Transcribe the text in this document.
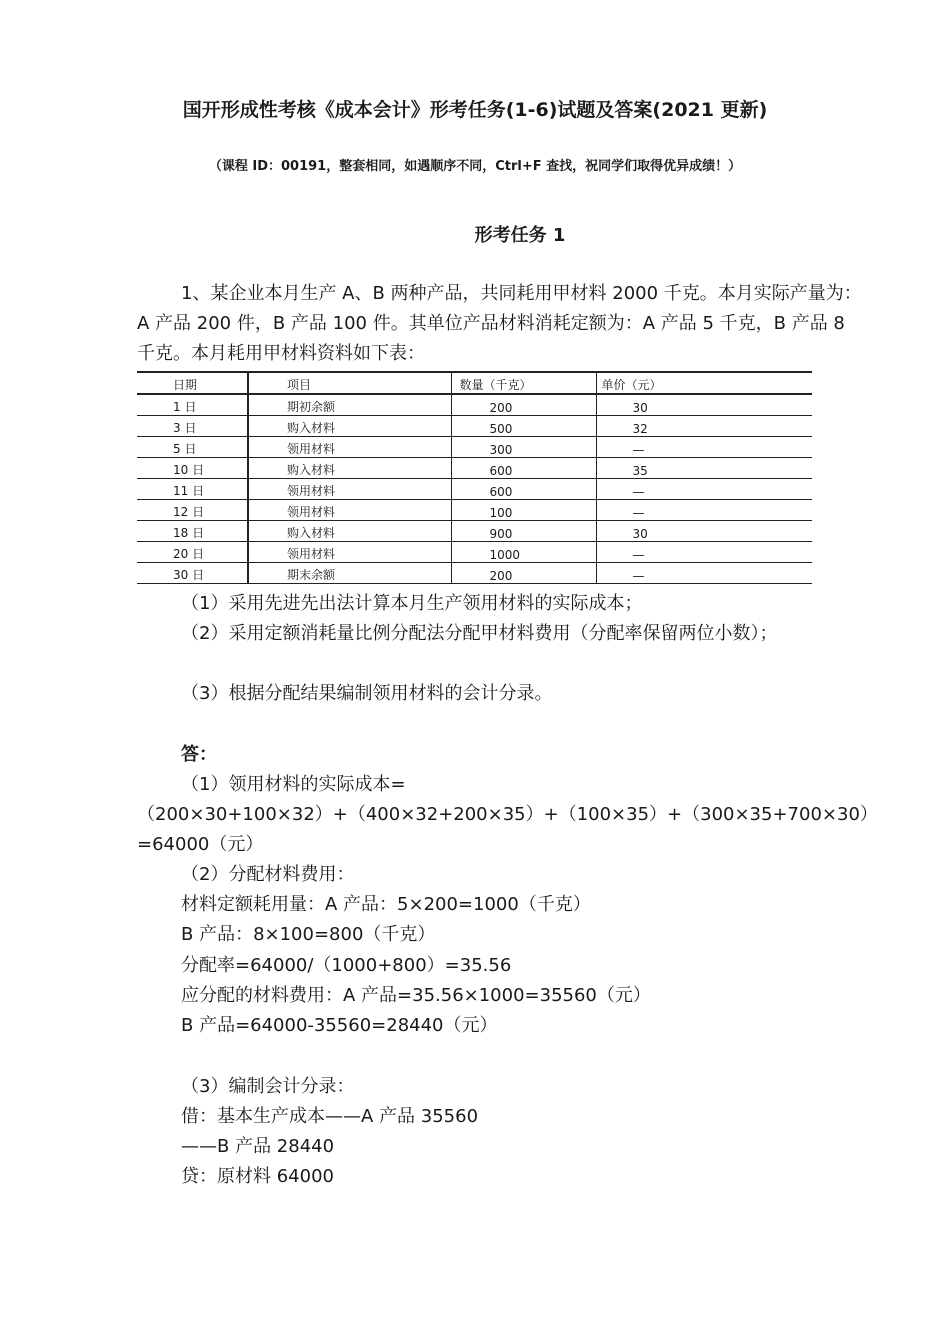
国开形成性考核《成本会计》形考任务(1-6)试题及答案(2021 更新)
（课程 ID：00191，整套相同，如遇顺序不同，Ctrl+F 查找，祝同学们取得优异成绩！）
形考任务 1
1、某企业本月生产 A、B 两种产品，共同耗用甲材料 2000 千克。本月实际产量为：A 产品 200 件，B 产品 100 件。其单位产品材料消耗定额为：A 产品 5 千克，B 产品 8 千克。本月耗用甲材料资料如下表：
日期	项目	数量（千克）	单价（元）
1 日	期初余额	200	30
3 日	购入材料	500	32
5 日	领用材料	300	—
10 日	购入材料	600	35
11 日	领用材料	600	—
12 日	领用材料	100	—
18 日	购入材料	900	30
20 日	领用材料	1000	—
30 日	期末余额	200	—
（1）采用先进先出法计算本月生产领用材料的实际成本；
（2）采用定额消耗量比例分配法分配甲材料费用（分配率保留两位小数）；
（3）根据分配结果编制领用材料的会计分录。
答：
（1）领用材料的实际成本=（200×30+100×32）+（400×32+200×35）+（100×35）+（300×35+700×30）=64000（元）
（2）分配材料费用：
材料定额耗用量：A 产品：5×200=1000（千克）
B 产品：8×100=800（千克）
分配率=64000/（1000+800）=35.56
应分配的材料费用：A 产品=35.56×1000=35560（元）
B 产品=64000-35560=28440（元）
（3）编制会计分录：
借：基本生产成本——A 产品 35560
——B 产品 28440
贷：原材料 64000
